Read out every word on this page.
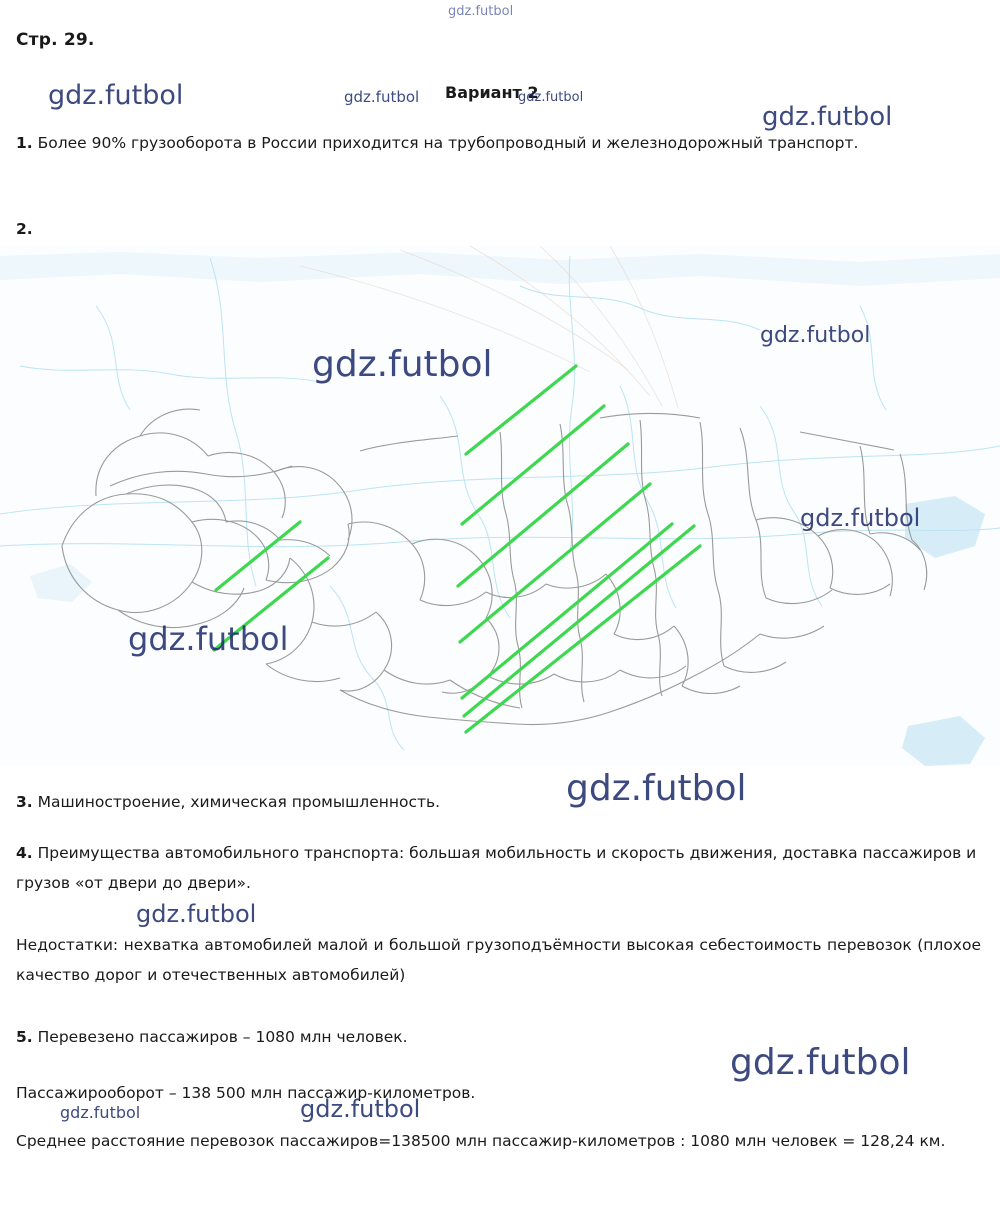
Стр. 29.
Вариант 2
1. Более 90% грузооборота в России приходится на трубопроводный и железнодорожный транспорт.
2.
3. Машиностроение, химическая промышленность.
4. Преимущества автомобильного транспорта: большая мобильность и скорость движения, доставка пассажиров и грузов «от двери до двери».
Недостатки: нехватка автомобилей малой и большой грузоподъёмности высокая себестоимость перевозок (плохое качество дорог и отечественных автомобилей)
5. Перевезено пассажиров – 1080 млн человек.
Пассажирооборот – 138 500 млн пассажир-километров.
Среднее расстояние перевозок пассажиров=138500 млн пассажир-километров : 1080 млн человек = 128,24 км.
gdz.futbol
gdz.futbol	gdz.futbol	gdz.futbol
gdz.futbol
gdz.futbol
gdz.futbol
gdz.futbol
gdz.futbol
gdz.futbol
gdz.futbol
gdz.futbol
gdz.futbol	gdz.futbol
